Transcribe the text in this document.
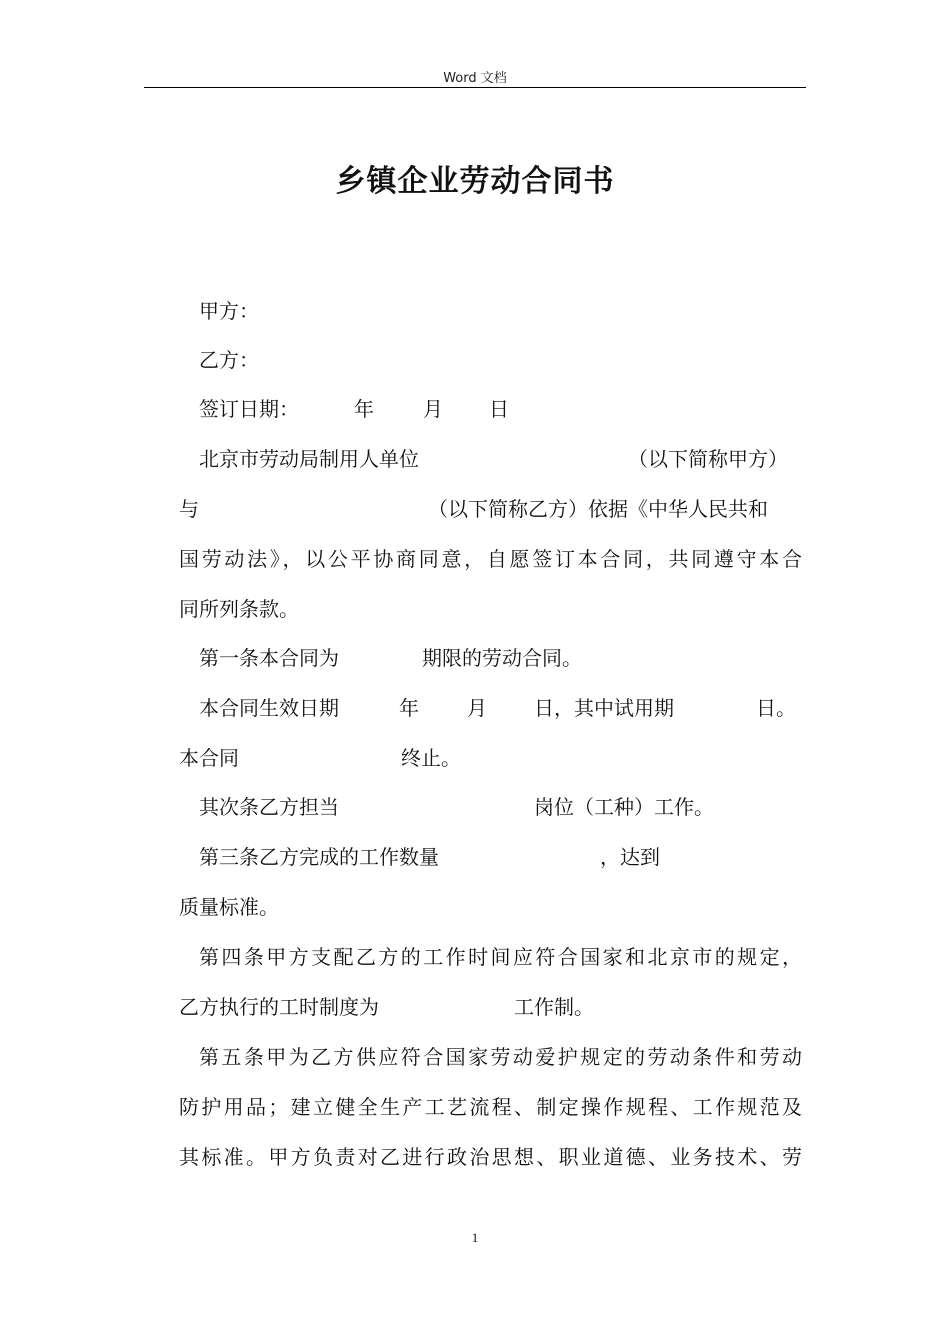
Word 文档
乡镇企业劳动合同书
甲方：
乙方：
签订日期：	年 月 日
北京市劳动局制用人单位	（以下简称甲方）
与	（以下简称乙方）依据《中华人民共和
国劳动法》，以公平协商同意，自愿签订本合同，共同遵守本合
同所列条款。
第一条本合同为	期限的劳动合同。
本合同生效日期	年 月 日，其中试用期	日。
本合同	终止。
其次条乙方担当	岗位（工种）工作。
第三条乙方完成的工作数量	，达到
质量标准。
第四条甲方支配乙方的工作时间应符合国家和北京市的规定，
乙方执行的工时制度为	工作制。
第五条甲为乙方供应符合国家劳动爱护规定的劳动条件和劳动
防护用品；建立健全生产工艺流程、制定操作规程、工作规范及
其标准。甲方负责对乙进行政治思想、职业道德、业务技术、劳
1
